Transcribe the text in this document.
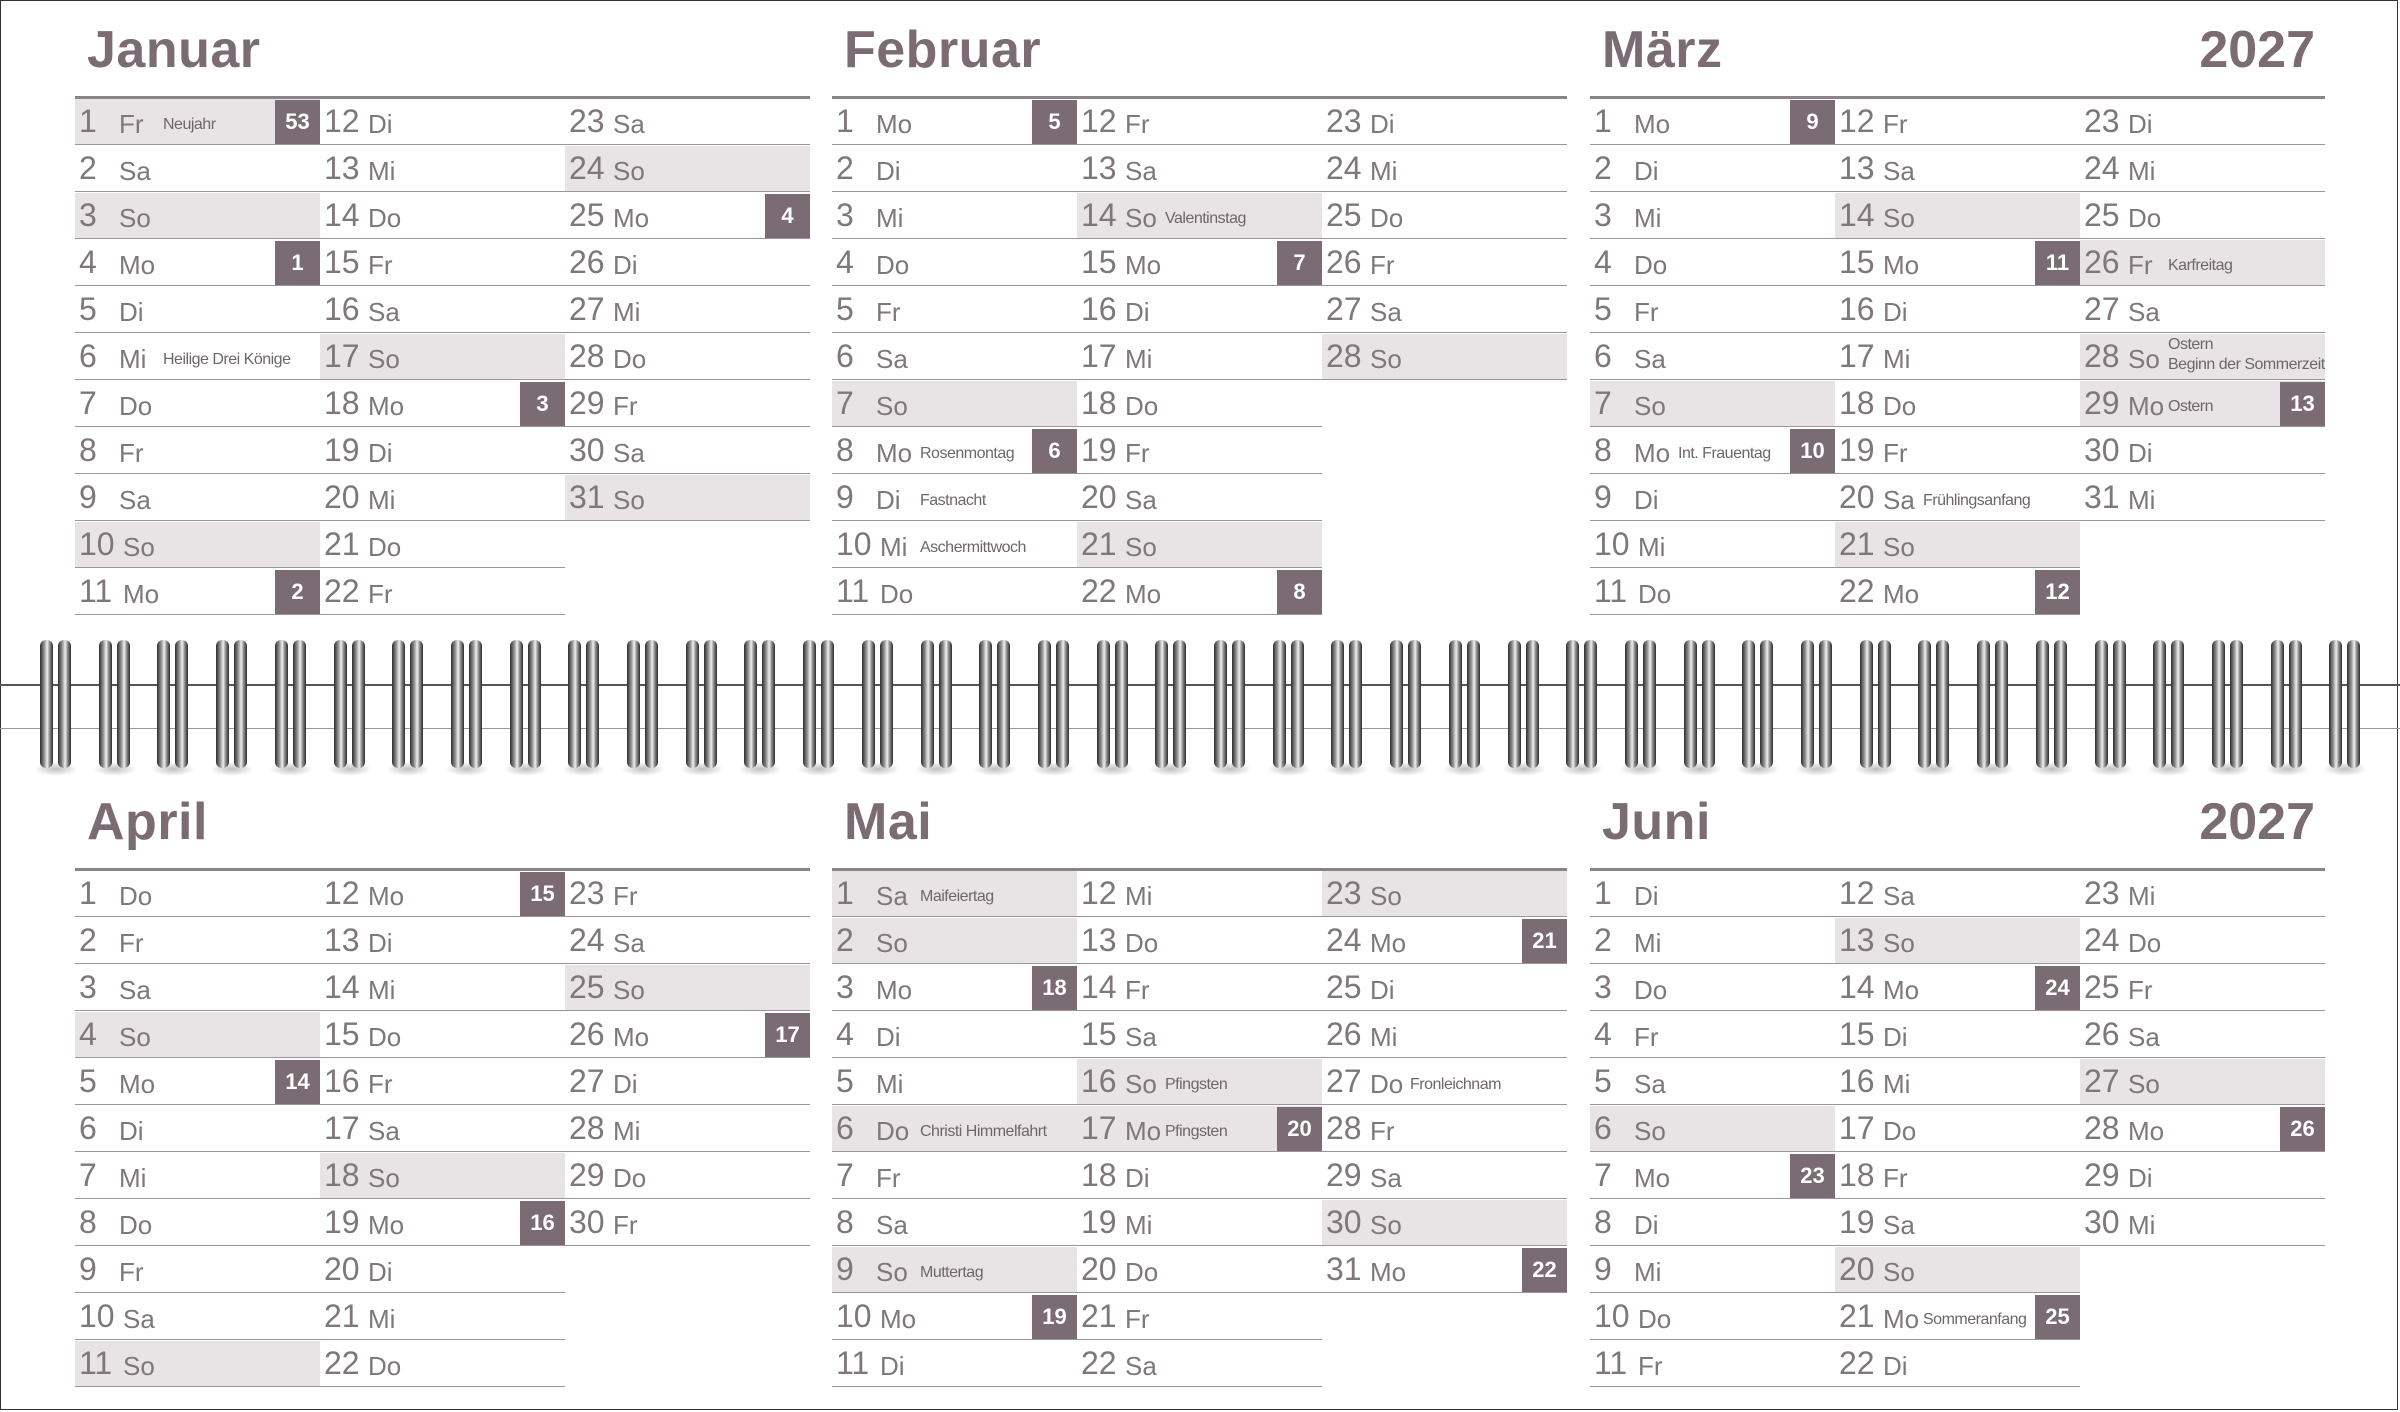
Januar
1 Fr Neujahr	53
2 Sa
3 So
4 Mo	1
5 Di
6 Mi Heilige Drei Könige
7 Do
8 Fr
9 Sa
10 So
11 Mo	2
12 Di
13 Mi
14 Do
15 Fr
16 Sa
17 So
18 Mo	3
19 Di
20 Mi
21 Do
22 Fr
23 Sa
24 So
25 Mo	4
26 Di
27 Mi
28 Do
29 Fr
30 Sa
31 So
Februar
1 Mo	5
2 Di
3 Mi
4 Do
5 Fr
6 Sa
7 So
8 Mo Rosenmontag	6
9 Di Fastnacht
10 Mi Aschermittwoch
11 Do
12 Fr
13 Sa
14 So Valentinstag
15 Mo	7
16 Di
17 Mi
18 Do
19 Fr
20 Sa
21 So
22 Mo	8
23 Di
24 Mi
25 Do
26 Fr
27 Sa
28 So
März	2027
1 Mo	9
2 Di
3 Mi
4 Do
5 Fr
6 Sa
7 So
8 Mo Int. Frauentag	10
9 Di
10 Mi
11 Do
12 Fr
13 Sa
14 So
15 Mo	11
16 Di
17 Mi
18 Do
19 Fr
20 Sa Frühlingsanfang
21 So
22 Mo	12
23 Di
24 Mi
25 Do
26 Fr Karfreitag
27 Sa
28 So Ostern
Beginn der Sommerzeit
29 Mo Ostern	13
30 Di
31 Mi
April
1 Do
2 Fr
3 Sa
4 So
5 Mo	14
6 Di
7 Mi
8 Do
9 Fr
10 Sa
11 So
12 Mo	15
13 Di
14 Mi
15 Do
16 Fr
17 Sa
18 So
19 Mo	16
20 Di
21 Mi
22 Do
23 Fr
24 Sa
25 So
26 Mo	17
27 Di
28 Mi
29 Do
30 Fr
Mai
1 Sa Maifeiertag
2 So
3 Mo	18
4 Di
5 Mi
6 Do Christi Himmelfahrt
7 Fr
8 Sa
9 So Muttertag
10 Mo	19
11 Di
12 Mi
13 Do
14 Fr
15 Sa
16 So Pfingsten
17 Mo Pfingsten	20
18 Di
19 Mi
20 Do
21 Fr
22 Sa
23 So
24 Mo	21
25 Di
26 Mi
27 Do Fronleichnam
28 Fr
29 Sa
30 So
31 Mo	22
Juni	2027
1 Di
2 Mi
3 Do
4 Fr
5 Sa
6 So
7 Mo	23
8 Di
9 Mi
10 Do
11 Fr
12 Sa
13 So
14 Mo	24
15 Di
16 Mi
17 Do
18 Fr
19 Sa
20 So
21 Mo Sommeranfang 25
22 Di
23 Mi
24 Do
25 Fr
26 Sa
27 So
28 Mo	26
29 Di
30 Mi
